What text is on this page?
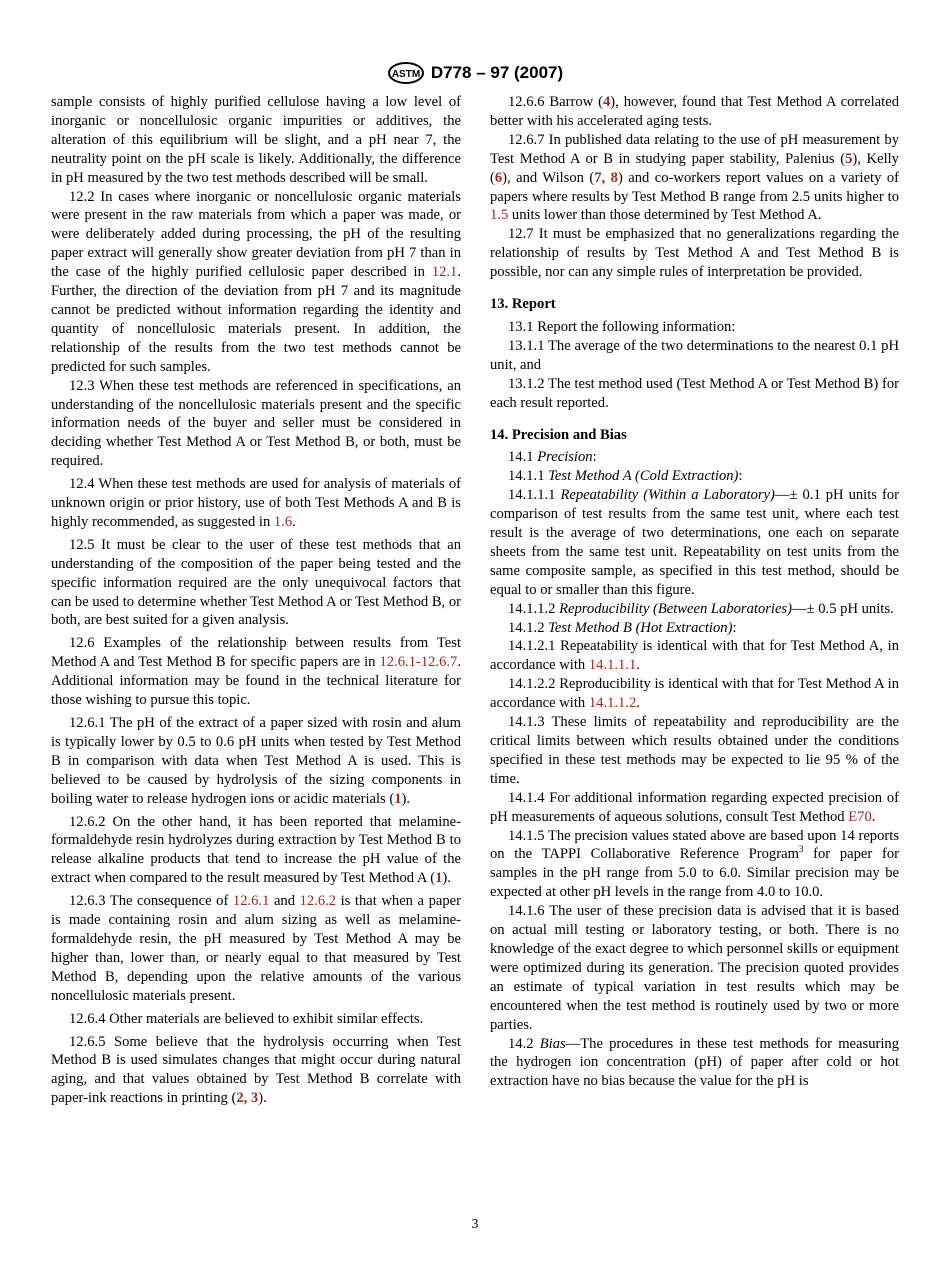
ASTM D778 – 97 (2007)

sample consists of highly purified cellulose having a low level of inorganic or noncellulosic organic impurities or additives, the alteration of this equilibrium will be slight, and a pH near 7, the neutrality point on the pH scale is likely. Additionally, the difference in pH measured by the two test methods described will be small.

12.2 In cases where inorganic or noncellulosic organic materials were present in the raw materials from which a paper was made, or were deliberately added during processing, the pH of the resulting paper extract will generally show greater deviation from pH 7 than in the case of the highly purified cellulosic paper described in 12.1. Further, the direction of the deviation from pH 7 and its magnitude cannot be predicted without information regarding the identity and quantity of noncellulosic materials present. In addition, the relationship of the results from the two test methods cannot be predicted for such samples.

12.3 When these test methods are referenced in specifications, an understanding of the noncellulosic materials present and the specific information needs of the buyer and seller must be considered in deciding whether Test Method A or Test Method B, or both, must be required.

12.4 When these test methods are used for analysis of materials of unknown origin or prior history, use of both Test Methods A and B is highly recommended, as suggested in 1.6.

12.5 It must be clear to the user of these test methods that an understanding of the composition of the paper being tested and the specific information required are the only unequivocal factors that can be used to determine whether Test Method A or Test Method B, or both, are best suited for a given analysis.

12.6 Examples of the relationship between results from Test Method A and Test Method B for specific papers are in 12.6.1-12.6.7. Additional information may be found in the technical literature for those wishing to pursue this topic.

12.6.1 The pH of the extract of a paper sized with rosin and alum is typically lower by 0.5 to 0.6 pH units when tested by Test Method B in comparison with data when Test Method A is used. This is believed to be caused by hydrolysis of the sizing components in boiling water to release hydrogen ions or acidic materials (1).

12.6.2 On the other hand, it has been reported that melamine-formaldehyde resin hydrolyzes during extraction by Test Method B to release alkaline products that tend to increase the pH value of the extract when compared to the result measured by Test Method A (1).

12.6.3 The consequence of 12.6.1 and 12.6.2 is that when a paper is made containing rosin and alum sizing as well as melamine-formaldehyde resin, the pH measured by Test Method A may be higher than, lower than, or nearly equal to that measured by Test Method B, depending upon the relative amounts of the various noncellulosic materials present.

12.6.4 Other materials are believed to exhibit similar effects.

12.6.5 Some believe that the hydrolysis occurring when Test Method B is used simulates changes that might occur during natural aging, and that values obtained by Test Method B correlate with paper-ink reactions in printing (2, 3).

12.6.6 Barrow (4), however, found that Test Method A correlated better with his accelerated aging tests.

12.6.7 In published data relating to the use of pH measurement by Test Method A or B in studying paper stability, Palenius (5), Kelly (6), and Wilson (7, 8) and co-workers report values on a variety of papers where results by Test Method B range from 2.5 units higher to 1.5 units lower than those determined by Test Method A.

12.7 It must be emphasized that no generalizations regarding the relationship of results by Test Method A and Test Method B is possible, nor can any simple rules of interpretation be provided.

13. Report

13.1 Report the following information:

13.1.1 The average of the two determinations to the nearest 0.1 pH unit, and

13.1.2 The test method used (Test Method A or Test Method B) for each result reported.

14. Precision and Bias

14.1 Precision:

14.1.1 Test Method A (Cold Extraction):

14.1.1.1 Repeatability (Within a Laboratory)—± 0.1 pH units for comparison of test results from the same test unit, where each test result is the average of two determinations, one each on separate sheets from the same test unit. Repeatability on test units from the same composite sample, as specified in this test method, should be equal to or smaller than this figure.

14.1.1.2 Reproducibility (Between Laboratories)—± 0.5 pH units.

14.1.2 Test Method B (Hot Extraction):

14.1.2.1 Repeatability is identical with that for Test Method A, in accordance with 14.1.1.1.

14.1.2.2 Reproducibility is identical with that for Test Method A in accordance with 14.1.1.2.

14.1.3 These limits of repeatability and reproducibility are the critical limits between which results obtained under the conditions specified in these test methods may be expected to lie 95 % of the time.

14.1.4 For additional information regarding expected precision of pH measurements of aqueous solutions, consult Test Method E70.

14.1.5 The precision values stated above are based upon 14 reports on the TAPPI Collaborative Reference Program$^3$ for paper for samples in the pH range from 5.0 to 6.0. Similar precision may be expected at other pH levels in the range from 4.0 to 10.0.

14.1.6 The user of these precision data is advised that it is based on actual mill testing or laboratory testing, or both. There is no knowledge of the exact degree to which personnel skills or equipment were optimized during its generation. The precision quoted provides an estimate of typical variation in test results which may be encountered when the test method is routinely used by two or more parties.

14.2 Bias—The procedures in these test methods for measuring the hydrogen ion concentration (pH) of paper after cold or hot extraction have no bias because the value for the pH is

3
